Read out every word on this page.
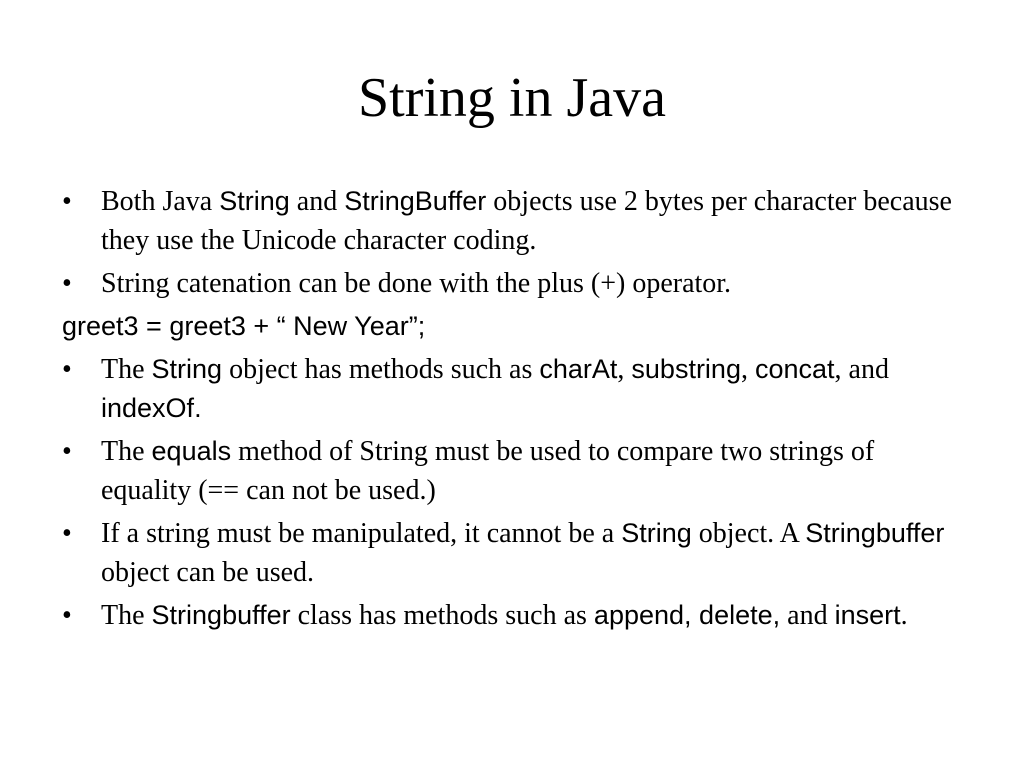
String in Java
• Both Java String and StringBuffer objects use 2 bytes per character because they use the Unicode character coding.
• String catenation can be done with the plus (+) operator.
greet3 = greet3 + “ New Year”;
• The String object has methods such as charAt, substring, concat, and indexOf.
• The equals method of String must be used to compare two strings of equality (== can not be used.)
• If a string must be manipulated, it cannot be a String object. A Stringbuffer object can be used.
• The Stringbuffer class has methods such as append, delete, and insert.
